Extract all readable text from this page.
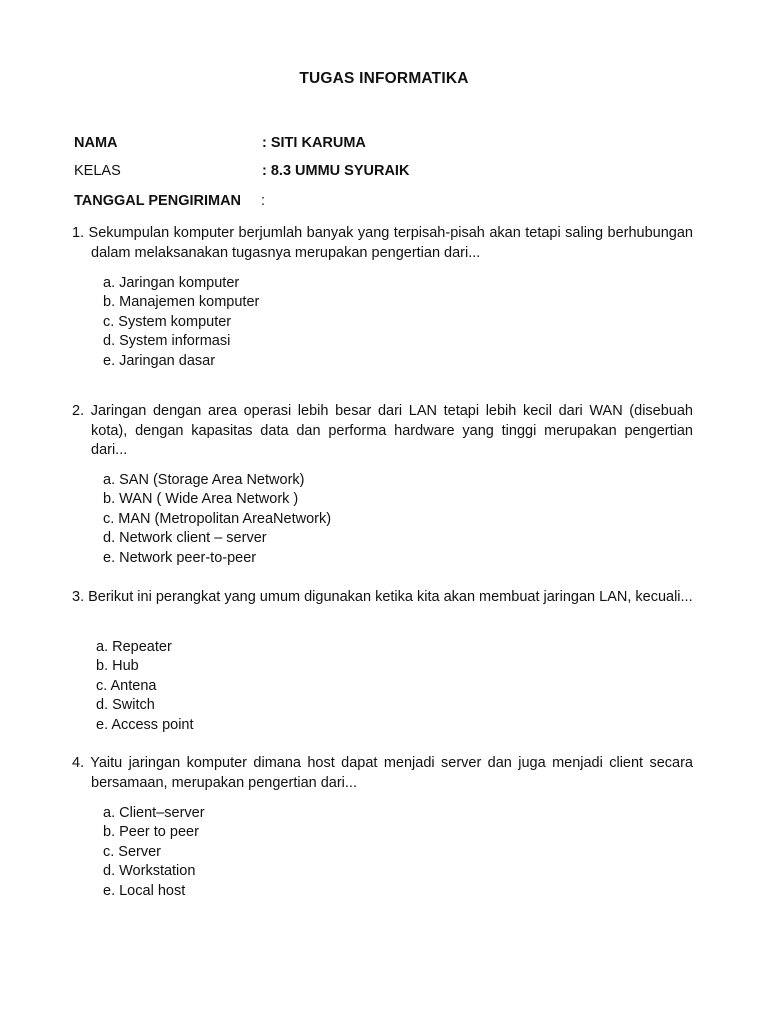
TUGAS INFORMATIKA
NAMA	: SITI KARUMA
KELAS	: 8.3 UMMU SYURAIK
TANGGAL PENGIRIMAN :
1. Sekumpulan komputer berjumlah banyak yang terpisah-pisah akan tetapi saling berhubungan dalam melaksanakan tugasnya merupakan pengertian dari...
a. Jaringan komputer
b. Manajemen komputer
c. System komputer
d. System informasi
e. Jaringan dasar
2. Jaringan dengan area operasi lebih besar dari LAN tetapi lebih kecil dari WAN (disebuah kota), dengan kapasitas data dan performa hardware yang tinggi merupakan pengertian dari...
a. SAN (Storage Area Network)
b. WAN ( Wide Area Network )
c. MAN (Metropolitan AreaNetwork)
d. Network client – server
e. Network peer-to-peer
3. Berikut ini perangkat yang umum digunakan ketika kita akan membuat jaringan LAN, kecuali...
a. Repeater
b. Hub
c. Antena
d. Switch
e. Access point
4. Yaitu jaringan komputer dimana host dapat menjadi server dan juga menjadi client secara bersamaan, merupakan pengertian dari...
a. Client–server
b. Peer to peer
c. Server
d. Workstation
e. Local host
